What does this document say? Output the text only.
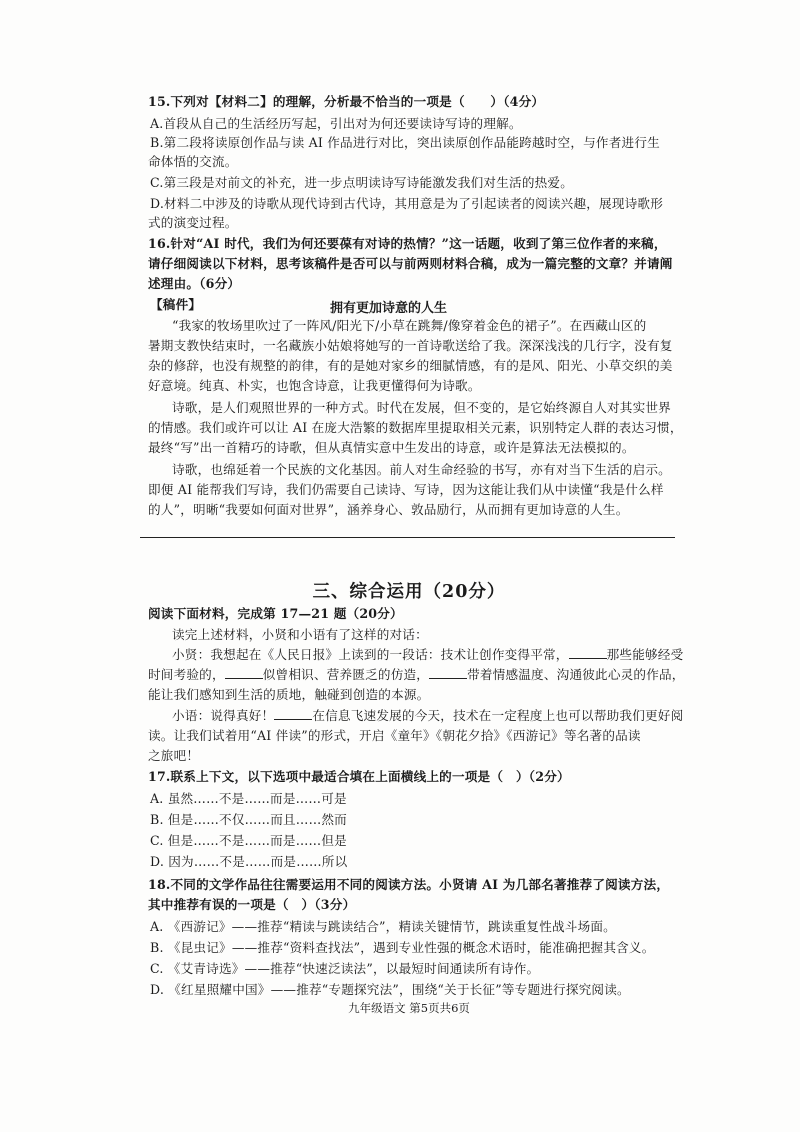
15.下列对【材料二】的理解，分析最不恰当的一项是（　　）（4分）
A.首段从自己的生活经历写起，引出对为何还要读诗写诗的理解。
B.第二段将读原创作品与读 AI 作品进行对比，突出读原创作品能跨越时空，与作者进行生
命体悟的交流。
C.第三段是对前文的补充，进一步点明读诗写诗能激发我们对生活的热爱。
D.材料二中涉及的诗歌从现代诗到古代诗，其用意是为了引起读者的阅读兴趣，展现诗歌形
式的演变过程。
16.针对“AI 时代，我们为何还要葆有对诗的热情？”这一话题，收到了第三位作者的来稿，
请仔细阅读以下材料，思考该稿件是否可以与前两则材料合稿，成为一篇完整的文章？并请阐
述理由。（6分）
【稿件】	拥有更加诗意的人生
“我家的牧场里吹过了一阵风/阳光下/小草在跳舞/像穿着金色的裙子”。在西藏山区的
暑期支教快结束时，一名藏族小姑娘将她写的一首诗歌送给了我。深深浅浅的几行字，没有复
杂的修辞，也没有规整的韵律，有的是她对家乡的细腻情感，有的是风、阳光、小草交织的美
好意境。纯真、朴实，也饱含诗意，让我更懂得何为诗歌。
诗歌，是人们观照世界的一种方式。时代在发展，但不变的，是它始终源自人对其实世界
的情感。我们或许可以让 AI 在庞大浩繁的数据库里提取相关元素，识别特定人群的表达习惯，
最终“写”出一首精巧的诗歌，但从真情实意中生发出的诗意，或许是算法无法模拟的。
诗歌，也绵延着一个民族的文化基因。前人对生命经验的书写，亦有对当下生活的启示。
即便 AI 能帮我们写诗，我们仍需要自己读诗、写诗，因为这能让我们从中读懂“我是什么样
的人”，明晰“我要如何面对世界”，涵养身心、敦品励行，从而拥有更加诗意的人生。
三、综合运用（20分）
阅读下面材料，完成第 17—21 题（20分）
读完上述材料，小贤和小语有了这样的对话：
小贤：我想起在《人民日报》上读到的一段话：技术让创作变得平常，	那些能够经受
时间考验的，	似曾相识、营养匮乏的仿造，	带着情感温度、沟通彼此心灵的作品，
能让我们感知到生活的质地，触碰到创造的本源。
小语：说得真好！	在信息飞速发展的今天，技术在一定程度上也可以帮助我们更好阅
读。让我们试着用“AI 伴读”的形式，开启《童年》《朝花夕拾》《西游记》等名著的品读
之旅吧！
17.联系上下文，以下选项中最适合填在上面横线上的一项是（　）（2分）
A. 虽然……不是……而是……可是
B. 但是……不仅……而且……然而
C. 但是……不是……而是……但是
D. 因为……不是……而是……所以
18.不同的文学作品往往需要运用不同的阅读方法。小贤请 AI 为几部名著推荐了阅读方法，
其中推荐有误的一项是（　）（3分）
A. 《西游记》——推荐“精读与跳读结合”，精读关键情节，跳读重复性战斗场面。
B. 《昆虫记》——推荐“资料查找法”，遇到专业性强的概念术语时，能准确把握其含义。
C. 《艾青诗选》——推荐“快速泛读法”，以最短时间通读所有诗作。
D. 《红星照耀中国》——推荐“专题探究法”，围绕“关于长征”等专题进行探究阅读。
九年级语文 第5页共6页
